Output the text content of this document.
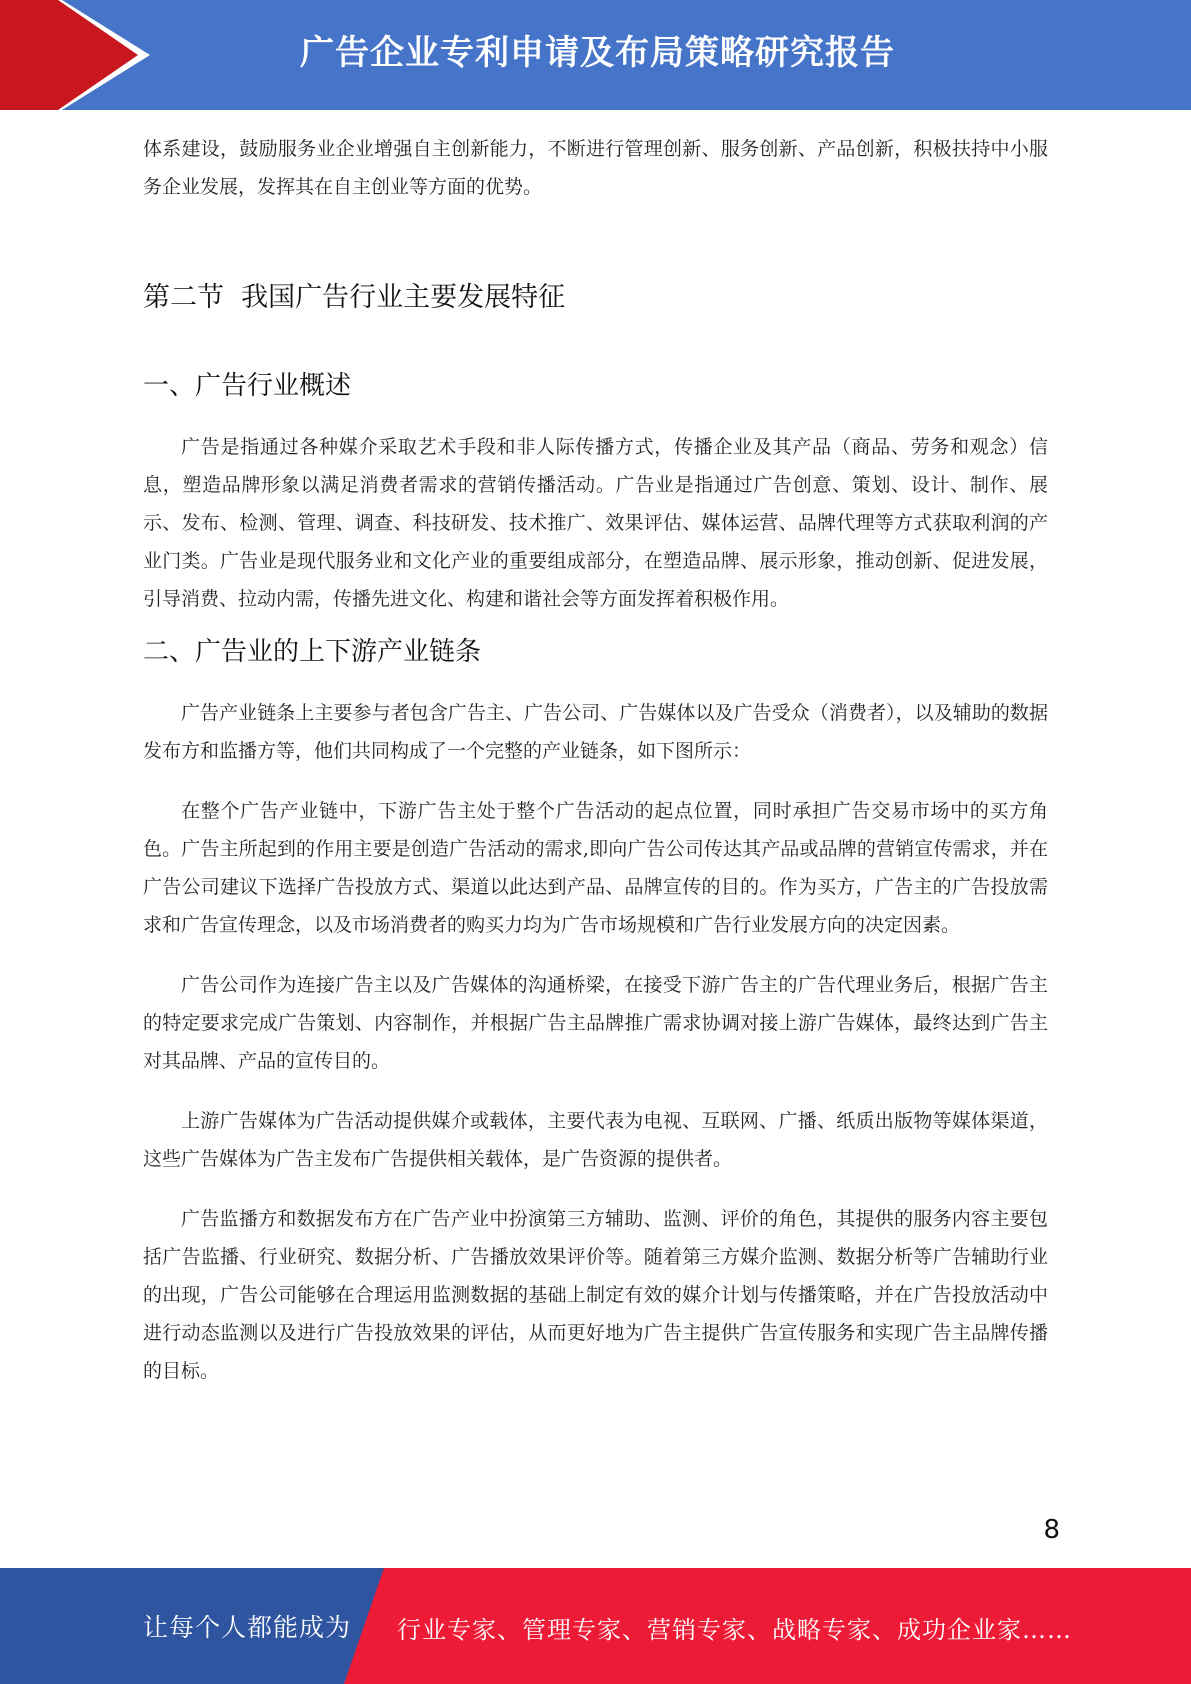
广告企业专利申请及布局策略研究报告

体系建设，鼓励服务业企业增强自主创新能力，不断进行管理创新、服务创新、产品创新，积极扶持中小服务企业发展，发挥其在自主创业等方面的优势。

第二节  我国广告行业主要发展特征

一、广告行业概述

广告是指通过各种媒介采取艺术手段和非人际传播方式，传播企业及其产品（商品、劳务和观念）信息，塑造品牌形象以满足消费者需求的营销传播活动。广告业是指通过广告创意、策划、设计、制作、展示、发布、检测、管理、调查、科技研发、技术推广、效果评估、媒体运营、品牌代理等方式获取利润的产业门类。广告业是现代服务业和文化产业的重要组成部分，在塑造品牌、展示形象，推动创新、促进发展，引导消费、拉动内需，传播先进文化、构建和谐社会等方面发挥着积极作用。

二、广告业的上下游产业链条

广告产业链条上主要参与者包含广告主、广告公司、广告媒体以及广告受众（消费者），以及辅助的数据发布方和监播方等，他们共同构成了一个完整的产业链条，如下图所示：

在整个广告产业链中，下游广告主处于整个广告活动的起点位置，同时承担广告交易市场中的买方角色。广告主所起到的作用主要是创造广告活动的需求,即向广告公司传达其产品或品牌的营销宣传需求，并在广告公司建议下选择广告投放方式、渠道以此达到产品、品牌宣传的目的。作为买方，广告主的广告投放需求和广告宣传理念，以及市场消费者的购买力均为广告市场规模和广告行业发展方向的决定因素。

广告公司作为连接广告主以及广告媒体的沟通桥梁，在接受下游广告主的广告代理业务后，根据广告主的特定要求完成广告策划、内容制作，并根据广告主品牌推广需求协调对接上游广告媒体，最终达到广告主对其品牌、产品的宣传目的。

上游广告媒体为广告活动提供媒介或载体，主要代表为电视、互联网、广播、纸质出版物等媒体渠道，这些广告媒体为广告主发布广告提供相关载体，是广告资源的提供者。

广告监播方和数据发布方在广告产业中扮演第三方辅助、监测、评价的角色，其提供的服务内容主要包括广告监播、行业研究、数据分析、广告播放效果评价等。随着第三方媒介监测、数据分析等广告辅助行业的出现，广告公司能够在合理运用监测数据的基础上制定有效的媒介计划与传播策略，并在广告投放活动中进行动态监测以及进行广告投放效果的评估，从而更好地为广告主提供广告宣传服务和实现广告主品牌传播的目标。

8
让每个人都能成为 行业专家、管理专家、营销专家、战略专家、成功企业家……
